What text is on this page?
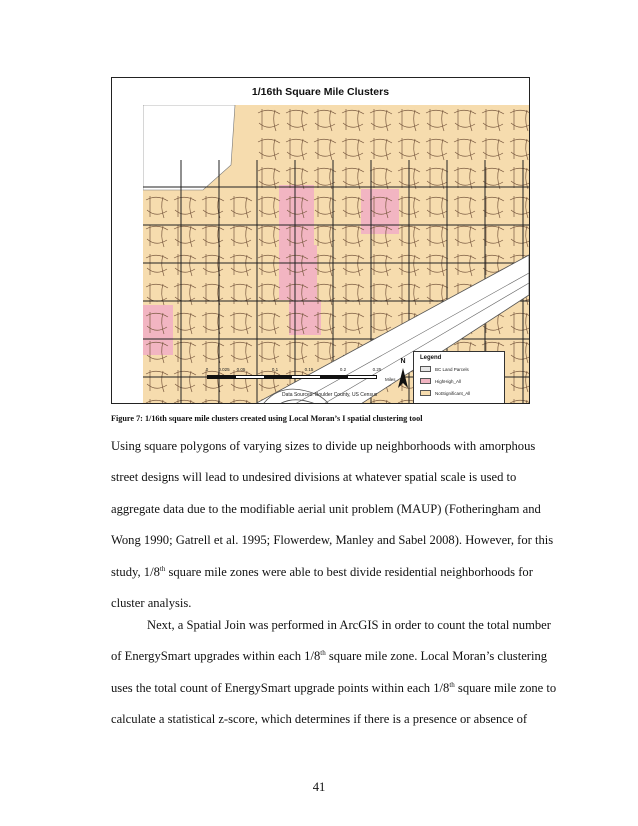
1/16th Square Mile Clusters
0 0.025 0.05	0.1	0.15	0.2	0.25
Miles
N	Legend
BC Land Parcels
HighHigh_All
NotSignificant_All
Data Sources: Boulder County, US Census
Figure 7: 1/16th square mile clusters created using Local Moran’s I spatial clustering tool
Using square polygons of varying sizes to divide up neighborhoods with amorphous
street designs will lead to undesired divisions at whatever spatial scale is used to
aggregate data due to the modifiable aerial unit problem (MAUP) (Fotheringham and
Wong 1990; Gatrell et al. 1995; Flowerdew, Manley and Sabel 2008). However, for this
study, 1/8th square mile zones were able to best divide residential neighborhoods for
cluster analysis.
Next, a Spatial Join was performed in ArcGIS in order to count the total number
of EnergySmart upgrades within each 1/8th square mile zone. Local Moran’s clustering
uses the total count of EnergySmart upgrade points within each 1/8th square mile zone to
calculate a statistical z-score, which determines if there is a presence or absence of
41
